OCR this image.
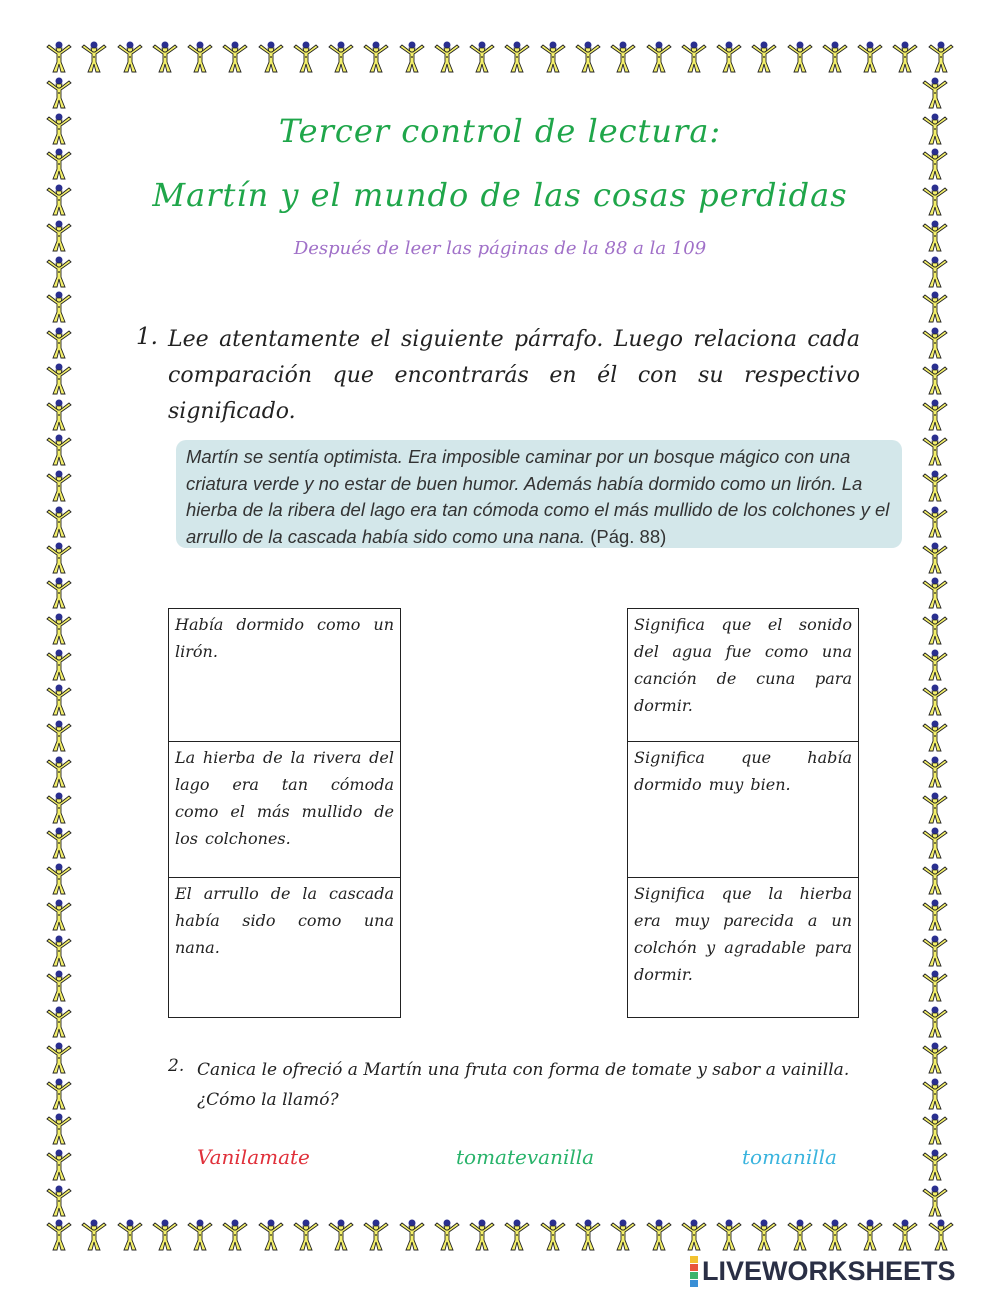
Tercer control de lectura:
Martín y el mundo de las cosas perdidas
Después de leer las páginas de la 88 a la 109
1. Lee atentamente el siguiente párrafo. Luego relaciona cada comparación que encontrarás en él con su respectivo significado.
Martín se sentía optimista. Era imposible caminar por un bosque mágico con una criatura verde y no estar de buen humor. Además había dormido como un lirón. La hierba de la ribera del lago era tan cómoda como el más mullido de los colchones y el arrullo de la cascada había sido como una nana. (Pág. 88)
Había dormido como un lirón.
La hierba de la rivera del lago era tan cómoda como el más mullido de los colchones.
El arrullo de la cascada había sido como una nana.
Significa que el sonido del agua fue como una canción de cuna para dormir.
Significa que había dormido muy bien.
Significa que la hierba era muy parecida a un colchón y agradable para dormir.
2. Canica le ofreció a Martín una fruta con forma de tomate y sabor a vainilla. ¿Cómo la llamó?
Vanilamate	tomatevanilla	tomanilla
LIVEWORKSHEETS
